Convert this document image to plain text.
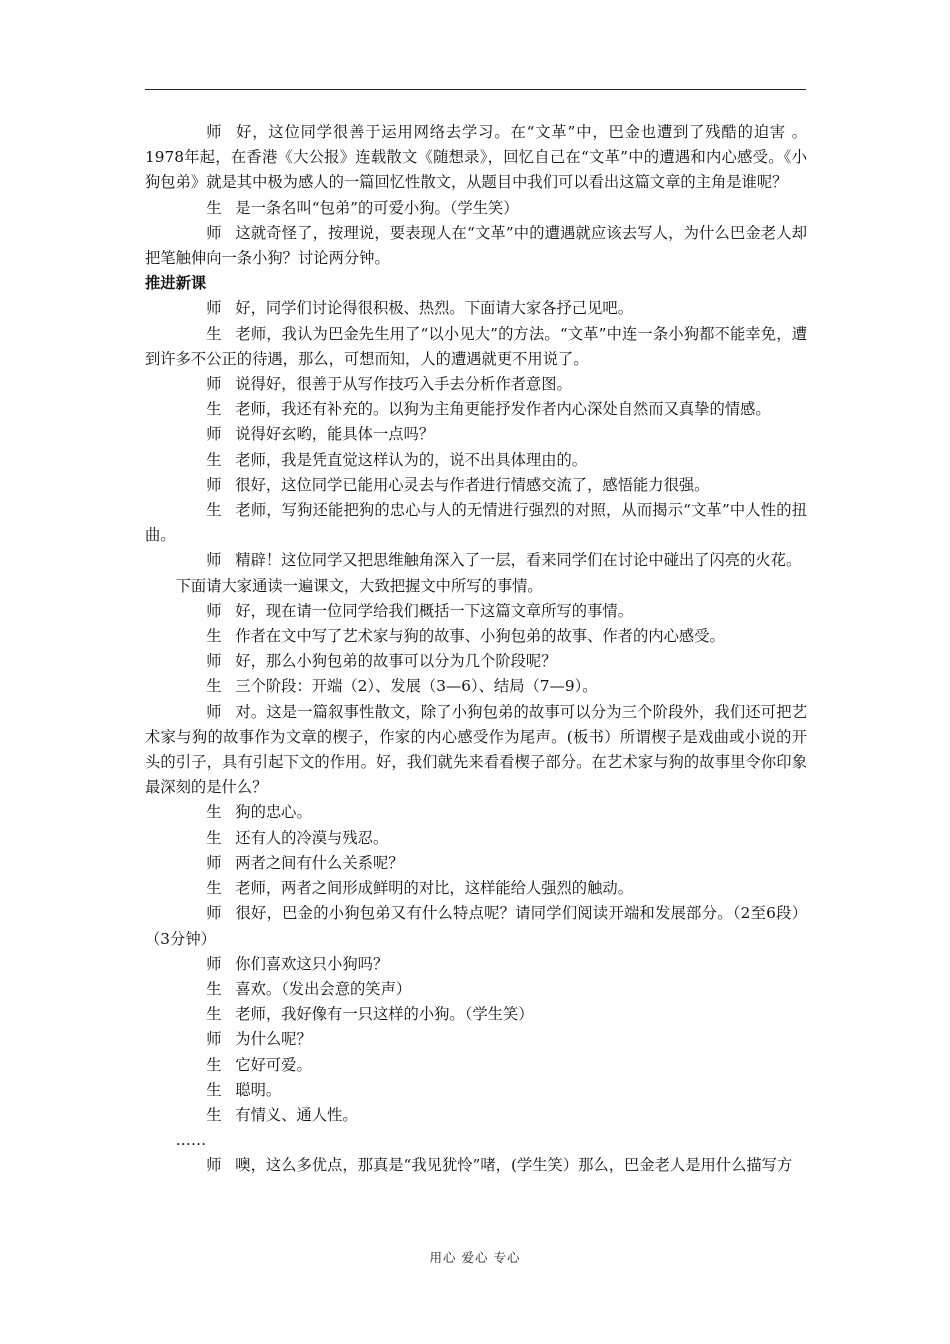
师 好，这位同学很善于运用网络去学习。在“文革”中，巴金也遭到了残酷的迫害 。1978年起，在香港《大公报》连载散文《随想录》，回忆自己在“文革”中的遭遇和内心感受。《小狗包弟》就是其中极为感人的一篇回忆性散文，从题目中我们可以看出这篇文章的主角是谁呢？

生 是一条名叫“包弟”的可爱小狗。（学生笑）

师 这就奇怪了，按理说，要表现人在“文革”中的遭遇就应该去写人，为什么巴金老人却把笔触伸向一条小狗？讨论两分钟。

推进新课

师 好，同学们讨论得很积极、热烈。下面请大家各抒己见吧。

生 老师，我认为巴金先生用了“以小见大”的方法。“文革”中连一条小狗都不能幸免，遭到许多不公正的待遇，那么，可想而知，人的遭遇就更不用说了。

师 说得好，很善于从写作技巧入手去分析作者意图。

生 老师，我还有补充的。以狗为主角更能抒发作者内心深处自然而又真挚的情感。

师 说得好玄哟，能具体一点吗？

生 老师，我是凭直觉这样认为的，说不出具体理由的。

师 很好，这位同学已能用心灵去与作者进行情感交流了，感悟能力很强。

生 老师，写狗还能把狗的忠心与人的无情进行强烈的对照，从而揭示“文革”中人性的扭曲。

师 精辟！这位同学又把思维触角深入了一层，看来同学们在讨论中碰出了闪亮的火花。

下面请大家通读一遍课文，大致把握文中所写的事情。

师 好，现在请一位同学给我们概括一下这篇文章所写的事情。

生 作者在文中写了艺术家与狗的故事、小狗包弟的故事、作者的内心感受。

师 好，那么小狗包弟的故事可以分为几个阶段呢？

生 三个阶段：开端（2）、发展（3—6）、结局（7—9）。

师 对。这是一篇叙事性散文，除了小狗包弟的故事可以分为三个阶段外，我们还可把艺术家与狗的故事作为文章的楔子，作家的内心感受作为尾声。(板书）所谓楔子是戏曲或小说的开头的引子，具有引起下文的作用。好，我们就先来看看楔子部分。在艺术家与狗的故事里令你印象最深刻的是什么？

生 狗的忠心。

生 还有人的冷漠与残忍。

师 两者之间有什么关系呢？

生 老师，两者之间形成鲜明的对比，这样能给人强烈的触动。

师 很好，巴金的小狗包弟又有什么特点呢？请同学们阅读开端和发展部分。（2至6段）（3分钟）

师 你们喜欢这只小狗吗？

生 喜欢。（发出会意的笑声）

生 老师，我好像有一只这样的小狗。（学生笑）

师 为什么呢？

生 它好可爱。

生 聪明。

生 有情义、通人性。

……

师 噢，这么多优点，那真是“我见犹怜”啫，(学生笑）那么，巴金老人是用什么描写方

用心 爱心 专心
